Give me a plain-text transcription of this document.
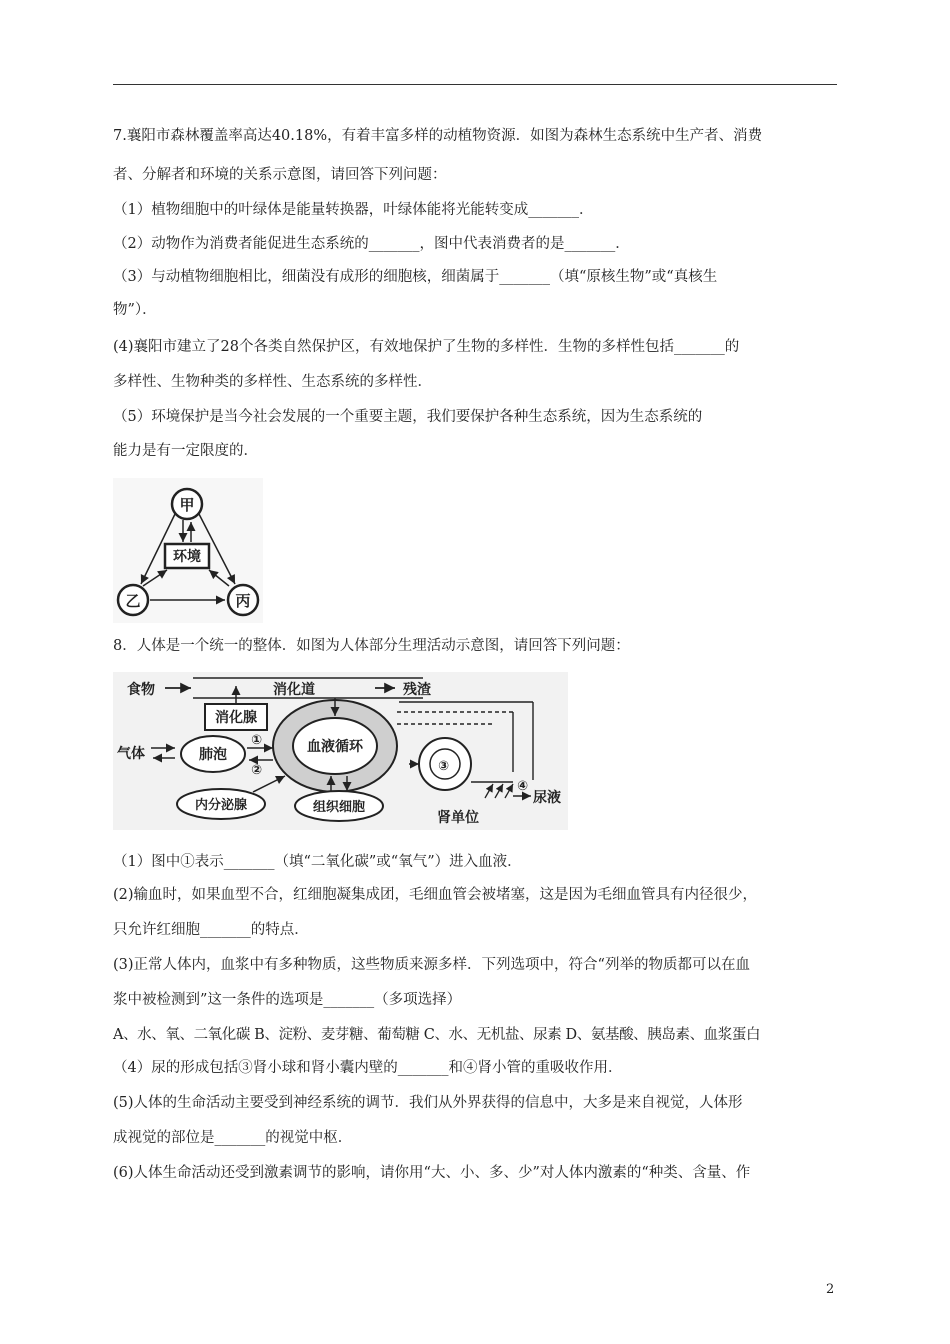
7.襄阳市森林覆盖率高达40.18%，有着丰富多样的动植物资源．如图为森林生态系统中生产者、消费
者、分解者和环境的关系示意图，请回答下列问题：
（1）植物细胞中的叶绿体是能量转换器，叶绿体能将光能转变成_______．
（2）动物作为消费者能促进生态系统的_______，图中代表消费者的是_______．
（3）与动植物细胞相比，细菌没有成形的细胞核，细菌属于_______（填“原核生物”或“真核生
物”）．
(4)襄阳市建立了28个各类自然保护区，有效地保护了生物的多样性．生物的多样性包括_______的
多样性、生物种类的多样性、生态系统的多样性．
（5）环境保护是当今社会发展的一个重要主题，我们要保护各种生态系统，因为生态系统的
能力是有一定限度的．
甲
环境
乙	丙
8．人体是一个统一的整体．如图为人体部分生理活动示意图，请回答下列问题：
食物	消化道	残渣
消化腺
血液循环
气体	肺泡
①
②
内分泌腺	组织细胞
③
④
尿液
肾单位
（1）图中①表示_______（填“二氧化碳”或“氧气”）进入血液．
(2)输血时，如果血型不合，红细胞凝集成团，毛细血管会被堵塞，这是因为毛细血管具有内径很少，
只允许红细胞_______的特点．
(3)正常人体内，血浆中有多种物质，这些物质来源多样．下列选项中，符合“列举的物质都可以在血
浆中被检测到”这一条件的选项是_______（多项选择）
A、水、氧、二氧化碳 B、淀粉、麦芽糖、葡萄糖 C、水、无机盐、尿素 D、氨基酸、胰岛素、血浆蛋白
（4）尿的形成包括③肾小球和肾小囊内壁的_______和④肾小管的重吸收作用．
(5)人体的生命活动主要受到神经系统的调节．我们从外界获得的信息中，大多是来自视觉，人体形
成视觉的部位是_______的视觉中枢．
(6)人体生命活动还受到激素调节的影响，请你用“大、小、多、少”对人体内激素的“种类、含量、作
2
